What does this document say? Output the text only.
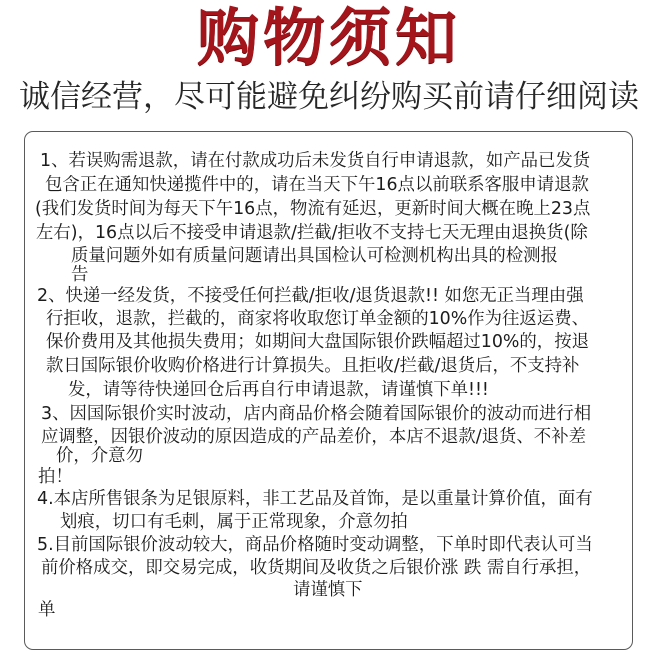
购物须知
诚信经营，尽可能避免纠纷购买前请仔细阅读
1、若误购需退款，请在付款成功后未发货自行申请退款，如产品已发货
包含正在通知快递揽件中的，请在当天下午16点以前联系客服申请退款
(我们发货时间为每天下午16点，物流有延迟，更新时间大概在晚上23点
左右)，16点以后不接受申请退款/拦截/拒收不支持七天无理由退换货(除
质量问题外如有质量问题请出具国检认可检测机构出具的检测报
告
2、快递一经发货，不接受任何拦截/拒收/退货退款!! 如您无正当理由强
行拒收，退款，拦截的，商家将收取您订单金额的10%作为往返运费、
保价费用及其他损失费用；如期间大盘国际银价跌幅超过10%的，按退
款日国际银价收购价格进行计算损失。且拒收/拦截/退货后，不支持补
发，请等待快递回仓后再自行申请退款，请谨慎下单!!!
3、因国际银价实时波动，店内商品价格会随着国际银价的波动而进行相
应调整，因银价波动的原因造成的产品差价，本店不退款/退货、不补差
价，介意勿
拍！
4.本店所售银条为足银原料，非工艺品及首饰，是以重量计算价值，面有
划痕，切口有毛刺，属于正常现象，介意勿拍
5.目前国际银价波动较大，商品价格随时变动调整，下单时即代表认可当
前价格成交，即交易完成，收货期间及收货之后银价涨 跌 需自行承担，
请谨慎下
单
